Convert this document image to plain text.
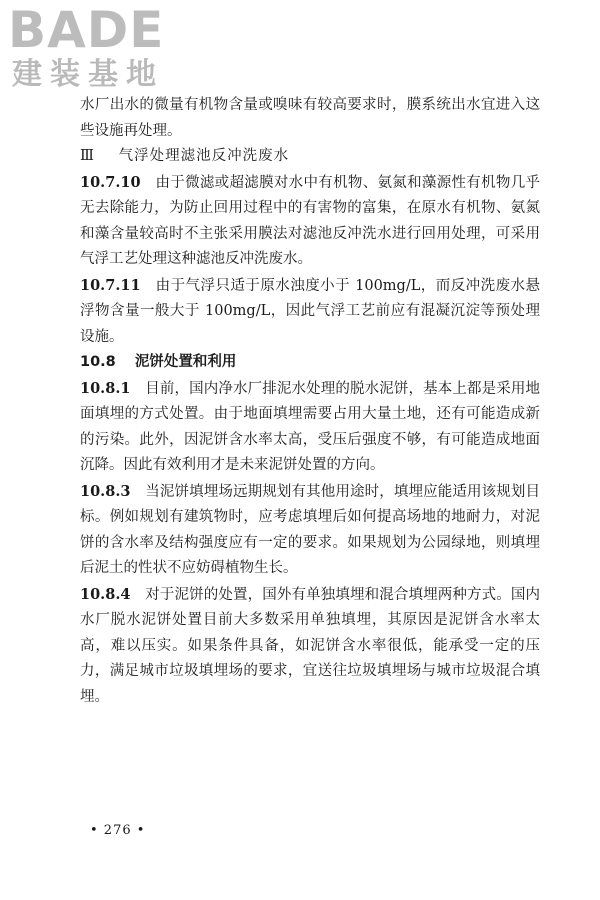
BADE
建装基地

水厂出水的微量有机物含量或嗅味有较高要求时，膜系统出水宜进入这些设施再处理。

Ⅲ 气浮处理滤池反冲洗废水

10.7.10 由于微滤或超滤膜对水中有机物、氨氮和藻源性有机物几乎无去除能力，为防止回用过程中的有害物的富集，在原水有机物、氨氮和藻含量较高时不主张采用膜法对滤池反冲洗水进行回用处理，可采用气浮工艺处理这种滤池反冲洗废水。

10.7.11 由于气浮只适于原水浊度小于 100mg/L，而反冲洗废水悬浮物含量一般大于 100mg/L，因此气浮工艺前应有混凝沉淀等预处理设施。

10.8 泥饼处置和利用

10.8.1 目前，国内净水厂排泥水处理的脱水泥饼，基本上都是采用地面填埋的方式处置。由于地面填埋需要占用大量土地，还有可能造成新的污染。此外，因泥饼含水率太高，受压后强度不够，有可能造成地面沉降。因此有效利用才是未来泥饼处置的方向。

10.8.3 当泥饼填埋场远期规划有其他用途时，填埋应能适用该规划目标。例如规划有建筑物时，应考虑填埋后如何提高场地的地耐力，对泥饼的含水率及结构强度应有一定的要求。如果规划为公园绿地，则填埋后泥土的性状不应妨碍植物生长。

10.8.4 对于泥饼的处置，国外有单独填埋和混合填埋两种方式。国内水厂脱水泥饼处置目前大多数采用单独填埋，其原因是泥饼含水率太高，难以压实。如果条件具备，如泥饼含水率很低，能承受一定的压力，满足城市垃圾填埋场的要求，宜送往垃圾填埋场与城市垃圾混合填埋。

• 276 •
